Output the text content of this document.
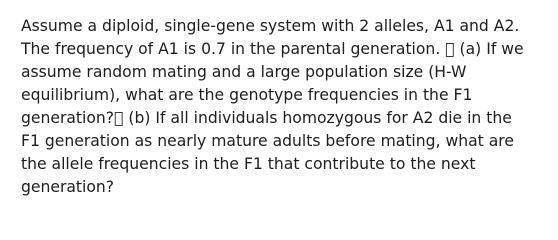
Assume a diploid, single-gene system with 2 alleles, A1 and A2.
The frequency of A1 is 0.7 in the parental generation.   (a) If we
assume random mating and a large population size (H-W
equilibrium), what are the genotype frequencies in the F1
generation?  (b) If all individuals homozygous for A2 die in the
F1 generation as nearly mature adults before mating, what are
the allele frequencies in the F1 that contribute to the next
generation?
